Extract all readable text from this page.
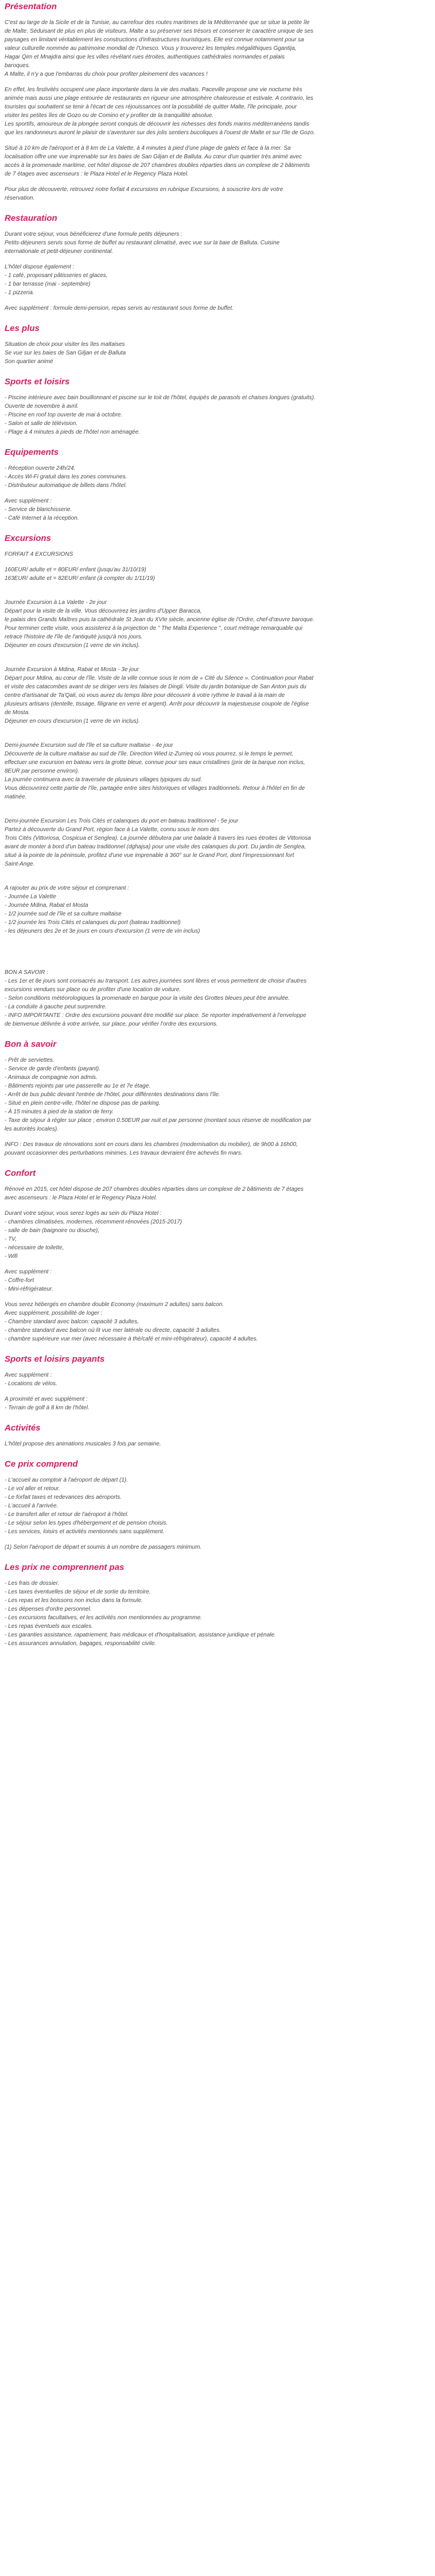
Présentation
C'est au large de la Sicile et de la Tunisie, au carrefour des routes maritimes de la Méditerranée que se situe la petite île
de Malte. Séduisant de plus en plus de visiteurs, Malte a su préserver ses trésors et conserver le caractère unique de ses
paysages en limitant véritablement les constructions d'infrastructures touristiques. Elle est connue notamment pour sa
valeur culturelle nommée au patrimoine mondial de l'Unesco. Vous y trouverez les temples mégalithiques Ggantija,
Hagar Qim et Mnajdra ainsi que les villes révélant rues étroites, authentiques cathédrales normandes et palais
baroques.
A Malte, il n'y a que l'embarras du choix pour profiter pleinement des vacances !
En effet, les festivités occupent une place importante dans la vie des maltais. Paceville propose une vie nocturne très
animée mais aussi une plage entourée de restaurants en rigueur une atmosphère chaleureuse et estivale. A contrario, les
touristes qui souhaitent se tenir à l'écart de ces réjouissances ont la possibilité de quitter Malte, l'île principale, pour
visiter les petites îles de Gozo ou de Comino et y profiter de la tranquillité absolue.
Les sportifs, amoureux de la plongée seront conquis de découvrir les richesses des fonds marins méditerranéens tandis
que les randonneurs auront le plaisir de s'aventurer sur des jolis sentiers bucoliques à l'ouest de Malte et sur l'île de Gozo.
Situé à 10 km de l'aéroport et à 8 km de La Valette, à 4 minutes à pied d'une plage de galets et face à la mer. Sa
localisation offre une vue imprenable sur les baies de San Giljan et de Balluta. Au cœur d'un quartier très animé avec
accès à la promenade maritime, cet hôtel dispose de 207 chambres doubles réparties dans un complexe de 2 bâtiments
de 7 étages avec ascenseurs : le Plaza Hotel et le Regency Plaza Hotel.
Pour plus de découverte, retrouvez notre forfait 4 excursions en rubrique Excursions, à souscrire lors de votre
réservation.
Restauration
Durant votre séjour, vous bénéficierez d'une formule petits déjeuners :
Petits-déjeuners servis sous forme de buffet au restaurant climatisé, avec vue sur la baie de Balluta. Cuisine
internationale et petit-déjeuner continental.
L'hôtel dispose également :
- 1 café, proposant pâtisseries et glaces,
- 1 bar terrasse (mai - septembre)
- 1 pizzeria.
Avec supplément : formule demi-pension, repas servis au restaurant sous forme de buffet.
Les plus
Situation de choix pour visiter les îles maltaises
Se vue sur les baies de San Giljan et de Balluta
Son quartier animé
Sports et loisirs
- Piscine intérieure avec bain bouillonnant et piscine sur le toit de l'hôtel, équipés de parasols et chaises longues (gratuits).
Ouverte de novembre à avril.
- Piscine en roof top ouverte de mai à octobre.
- Salon et salle de télévision.
- Plage à 4 minutes à pieds de l'hôtel non aménagée.
Equipements
- Réception ouverte 24h/24.
- Accès Wi-Fi gratuit dans les zones communes.
- Distributeur automatique de billets dans l'hôtel.
Avec supplément :
- Service de blanchisserie.
- Café Internet à la réception.
Excursions
FORFAIT 4 EXCURSIONS
160EUR/ adulte et = 80EUR/ enfant (jusqu'au 31/10/19)
163EUR/ adulte et = 82EUR/ enfant (à compter du 1/11/19)
Journée Excursion à La Valette - 2e jour
Départ pour la visite de la ville. Vous découvrirez les jardins d'Upper Baracca,
le palais des Grands Maîtres puis la cathédrale St Jean du XVIe siècle, ancienne église de l'Ordre, chef-d'œuvre baroque.
Pour terminer cette visite, vous assisterez à la projection de " The Malta Experience ", court métrage remarquable qui
retrace l'histoire de l'île de l'antiquité jusqu'à nos jours.
Déjeuner en cours d'excursion (1 verre de vin inclus).
Journée Excursion à Mdina, Rabat et Mosta - 3e jour
Départ pour Mdina, au cœur de l'île. Visite de la ville connue sous le nom de « Cité du Silence ». Continuation pour Rabat
et visite des catacombes avant de se diriger vers les falaises de Dingli. Visite du jardin botanique de San Anton puis du
centre d'artisanat de Ta'Qali, où vous aurez du temps libre pour découvrir à votre rythme le travail à la main de
plusieurs artisans (dentelle, tissage, filigrane en verre et argent). Arrêt pour découvrir la majestueuse coupole de l'église
de Mosta.
Déjeuner en cours d'excursion (1 verre de vin inclus).
Demi-journée Excursion sud de l'île et sa culture maltaise - 4e jour
Découverte de la culture maltaise au sud de l'île. Direction Wied iz-Zurrieq où vous pourrez, si le temps le permet,
effectuer une excursion en bateau vers la grotte bleue, connue pour ses eaux cristallines (prix de la barque non inclus,
8EUR par personne environ).
La journée continuera avec la traversée de plusieurs villages typiques du sud.
Vous découvrirez cette partie de l'île, partagée entre sites historiques et villages traditionnels. Retour à l'hôtel en fin de
matinée.
Demi-journée Excursion Les Trois Cités et calanques du port en bateau traditionnel - 5e jour
Partez à découverte du Grand Port, région face à La Valette, connu sous le nom des
Trois Cités (Vittoriosa, Cospicua et Senglea). La journée débutera par une balade à travers les rues étroites de Vittoriosa
avant de monter à bord d'un bateau traditionnel (dghajsa) pour une visite des calanques du port. Du jardin de Senglea,
situé à la pointe de la péninsule, profitez d'une vue imprenable à 360° sur le Grand Port, dont l'impressionnant fort
Saint-Ange.
A rajouter au prix de votre séjour et comprenant :
- Journée La Valette
- Journée Mdina, Rabat et Mosta
- 1/2 journée sud de l'île et sa culture maltaise
- 1/2 journée les Trois Cités et calanques du port (bateau traditionnel)
- les déjeuners des 2e et 3e jours en cours d'excursion (1 verre de vin inclus)
BON A SAVOIR :
- Les 1er et 8e jours sont consacrés au transport. Les autres journées sont libres et vous permettent de choisir d'autres
excursions vendues sur place ou de profiter d'une location de voiture.
- Selon conditions météorologiques la promenade en barque pour la visite des Grottes bleues peut être annulée.
- La conduite à gauche peut surprendre.
- INFO IMPORTANTE : Ordre des excursions pouvant être modifié sur place. Se reporter impérativement à l'enveloppe
de bienvenue délivrée à votre arrivée, sur place, pour vérifier l'ordre des excursions.
Bon à savoir
- Prêt de serviettes.
- Service de garde d'enfants (payant).
- Animaux de compagnie non admis.
- Bâtiments rejoints par une passerelle au 1e et 7e étage.
- Arrêt de bus public devant l'entrée de l'hôtel, pour différentes destinations dans l'île.
- Situé en plein centre-ville, l'hôtel ne dispose pas de parking.
- À 15 minutes à pied de la station de ferry.
- Taxe de séjour à régler sur place ; environ 0.50EUR par nuit et par personne (montant sous réserve de modification par
les autorités locales).
INFO : Des travaux de rénovations sont en cours dans les chambres (modernisation du mobilier), de 9h00 à 16h00,
pouvant occasionner des perturbations minimes. Les travaux devraient être achevés fin mars.
Confort
Rénové en 2015, cet hôtel dispose de 207 chambres doubles réparties dans un complexe de 2 bâtiments de 7 étages
avec ascenseurs : le Plaza Hotel et le Regency Plaza Hotel.
Durant votre séjour, vous serez logés au sein du Plaza Hotel :
- chambres climatisées, modernes, récemment rénovées (2015-2017)
- salle de bain (baignoire ou douche),
- TV,
- nécessaire de toilette,
- Wifi
Avec supplément :
- Coffre-fort
- Mini-réfrigérateur.
Vous serez hébergés en chambre double Economy (maximum 2 adultes) sans balcon.
Avec supplément, possibilité de loger :
- Chambre standard avec balcon: capacité 3 adultes,
- chambre standard avec balcon où lit vue mer latérale ou directe, capacité 3 adultes.
- chambre supérieure vue mer (avec nécessaire à thé/café et mini-réfrigérateur), capacité 4 adultes.
Sports et loisirs payants
Avec supplément :
- Locations de vélos.
A proximité et avec supplément :
- Terrain de golf à 8 km de l'hôtel.
Activités
L'hôtel propose des animations musicales 3 fois par semaine.
Ce prix comprend
- L'accueil au comptoir à l'aéroport de départ (1).
- Le vol aller et retour.
- Le forfait taxes et redevances des aéroports.
- L'accueil à l'arrivée.
- Le transfert aller et retour de l'aéroport à l'hôtel.
- Le séjour selon les types d'hébergement et de pension choisis.
- Les services, loisirs et activités mentionnés sans supplément.
(1) Selon l'aéroport de départ et soumis à un nombre de passagers minimum.
Les prix ne comprennent pas
- Les frais de dossier.
- Les taxes éventuelles de séjour et de sortie du territoire.
- Les repas et les boissons non inclus dans la formule.
- Les dépenses d'ordre personnel.
- Les excursions facultatives, et les activités non mentionnées au programme.
- Les repas éventuels aux escales.
- Les garanties assistance, rapatriement, frais médicaux et d'hospitalisation, assistance juridique et pénale.
- Les assurances annulation, bagages, responsabilité civile.
